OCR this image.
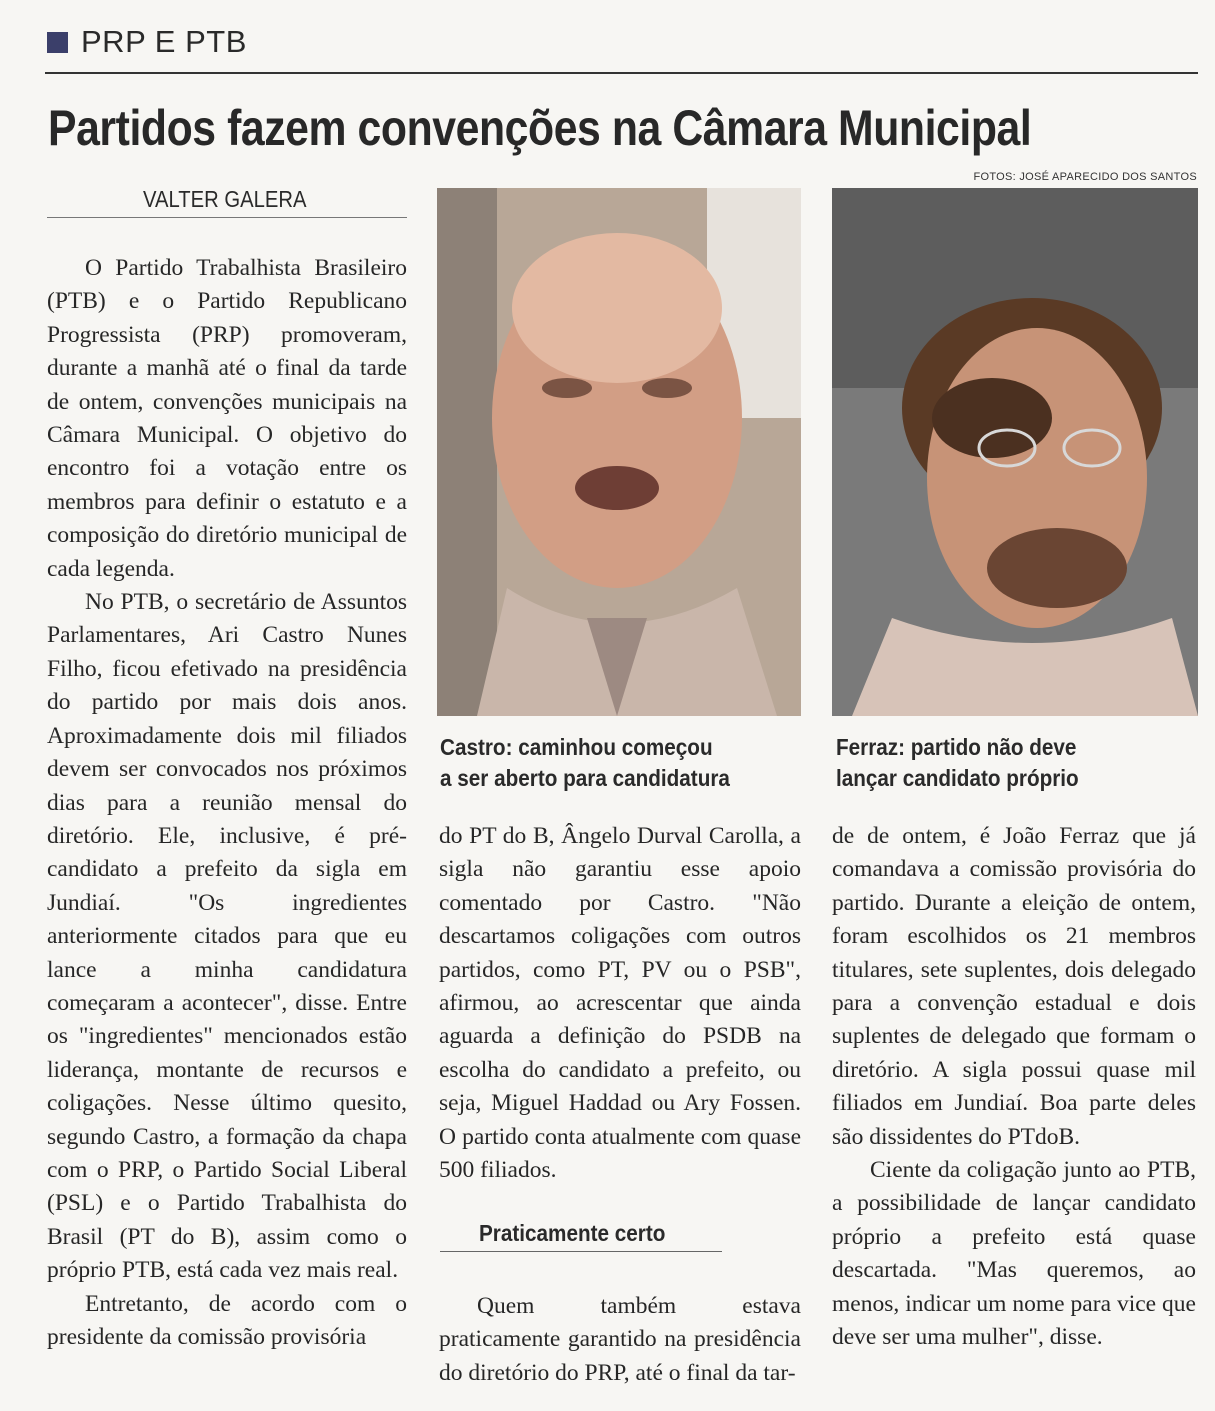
PRP E PTB
Partidos fazem convenções na Câmara Municipal
FOTOS: JOSÉ APARECIDO DOS SANTOS
VALTER GALERA

O Partido Trabalhista Brasileiro (PTB) e o Partido Republicano Progressista (PRP) promoveram, durante a manhã até o final da tarde de ontem, convenções municipais na Câmara Municipal. O objetivo do encontro foi a votação entre os membros para definir o estatuto e a composição do diretório municipal de cada legenda.

No PTB, o secretário de Assuntos Parlamentares, Ari Castro Nunes Filho, ficou efetivado na presidência do partido por mais dois anos. Aproximadamente dois mil filiados devem ser convocados nos próximos dias para a reunião mensal do diretório. Ele, inclusive, é pré-candidato a prefeito da sigla em Jundiaí. "Os ingredientes anteriormente citados para que eu lance a minha candidatura começaram a acontecer", disse. Entre os "ingredientes" mencionados estão liderança, montante de recursos e coligações. Nesse último quesito, segundo Castro, a formação da chapa com o PRP, o Partido Social Liberal (PSL) e o Partido Trabalhista do Brasil (PT do B), assim como o próprio PTB, está cada vez mais real.

Entretanto, de acordo com o presidente da comissão provisória

Castro: caminhou começou
a ser aberto para candidatura
Ferraz: partido não deve
lançar candidato próprio

do PT do B, Ângelo Durval Carolla, a sigla não garantiu esse apoio comentado por Castro. "Não descartamos coligações com outros partidos, como PT, PV ou o PSB", afirmou, ao acrescentar que ainda aguarda a definição do PSDB na escolha do candidato a prefeito, ou seja, Miguel Haddad ou Ary Fossen. O partido conta atualmente com quase 500 filiados.

Praticamente certo

Quem também estava praticamente garantido na presidência do diretório do PRP, até o final da tar-

de de ontem, é João Ferraz que já comandava a comissão provisória do partido. Durante a eleição de ontem, foram escolhidos os 21 membros titulares, sete suplentes, dois delegado para a convenção estadual e dois suplentes de delegado que formam o diretório. A sigla possui quase mil filiados em Jundiaí. Boa parte deles são dissidentes do PTdoB.

Ciente da coligação junto ao PTB, a possibilidade de lançar candidato próprio a prefeito está quase descartada. "Mas queremos, ao menos, indicar um nome para vice que deve ser uma mulher", disse.
